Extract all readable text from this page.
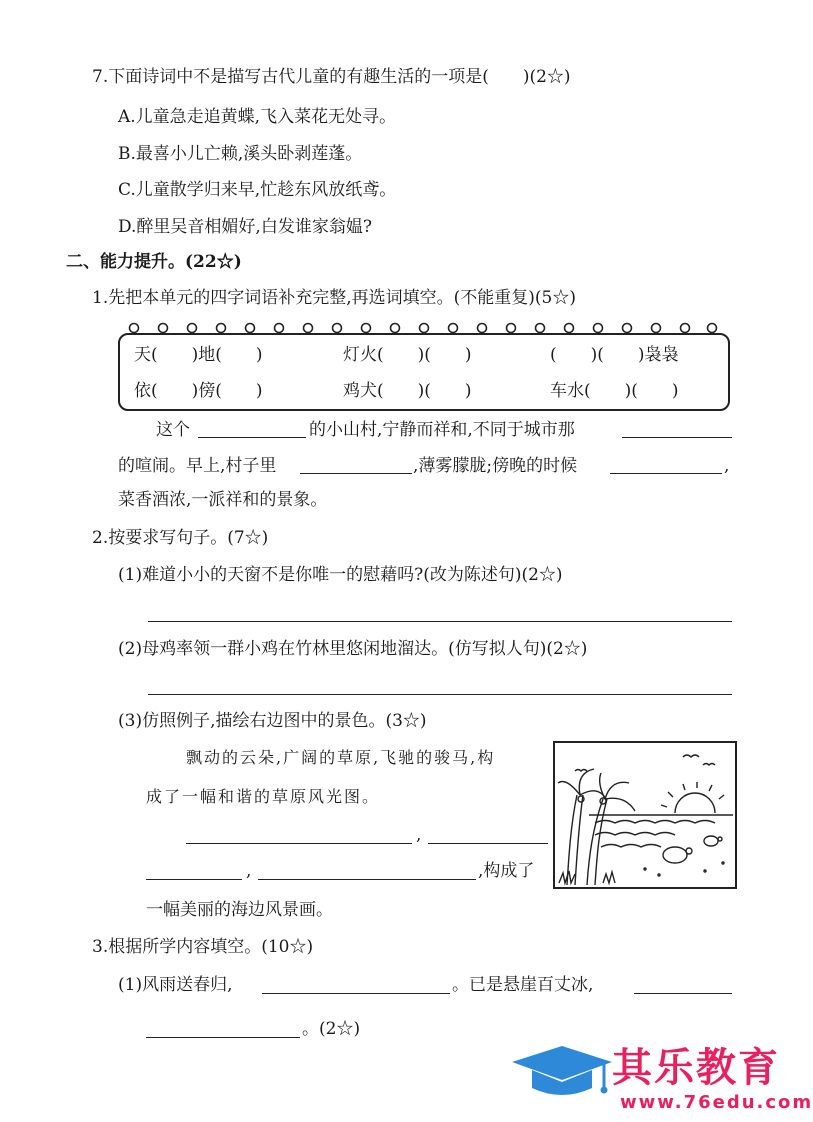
7.下面诗词中不是描写古代儿童的有趣生活的一项是(　　)(2☆)
A.儿童急走追黄蝶,飞入菜花无处寻。
B.最喜小儿亡赖,溪头卧剥莲蓬。
C.儿童散学归来早,忙趁东风放纸鸢。
D.醉里吴音相媚好,白发谁家翁媪?
二、能力提升。(22☆)
1.先把本单元的四字词语补充完整,再选词填空。(不能重复)(5☆)
天(　　)地(　　)	灯火(　　)(　　)	(　　)(　　)袅袅
依(　　)傍(　　)	鸡犬(　　)(　　)	车水(　　)(　　)
这个	的小山村,宁静而祥和,不同于城市那
的喧闹。早上,村子里	,薄雾朦胧;傍晚的时候	,
菜香酒浓,一派祥和的景象。
2.按要求写句子。(7☆)
(1)难道小小的天窗不是你唯一的慰藉吗?(改为陈述句)(2☆)
(2)母鸡率领一群小鸡在竹林里悠闲地溜达。(仿写拟人句)(2☆)
(3)仿照例子,描绘右边图中的景色。(3☆)
飘动的云朵,广阔的草原,飞驰的骏马,构
成了一幅和谐的草原风光图。
,
,	,构成了
一幅美丽的海边风景画。
3.根据所学内容填空。(10☆)
(1)风雨送春归,	。已是悬崖百丈冰,
。(2☆)
其乐教育
www.76edu.com
